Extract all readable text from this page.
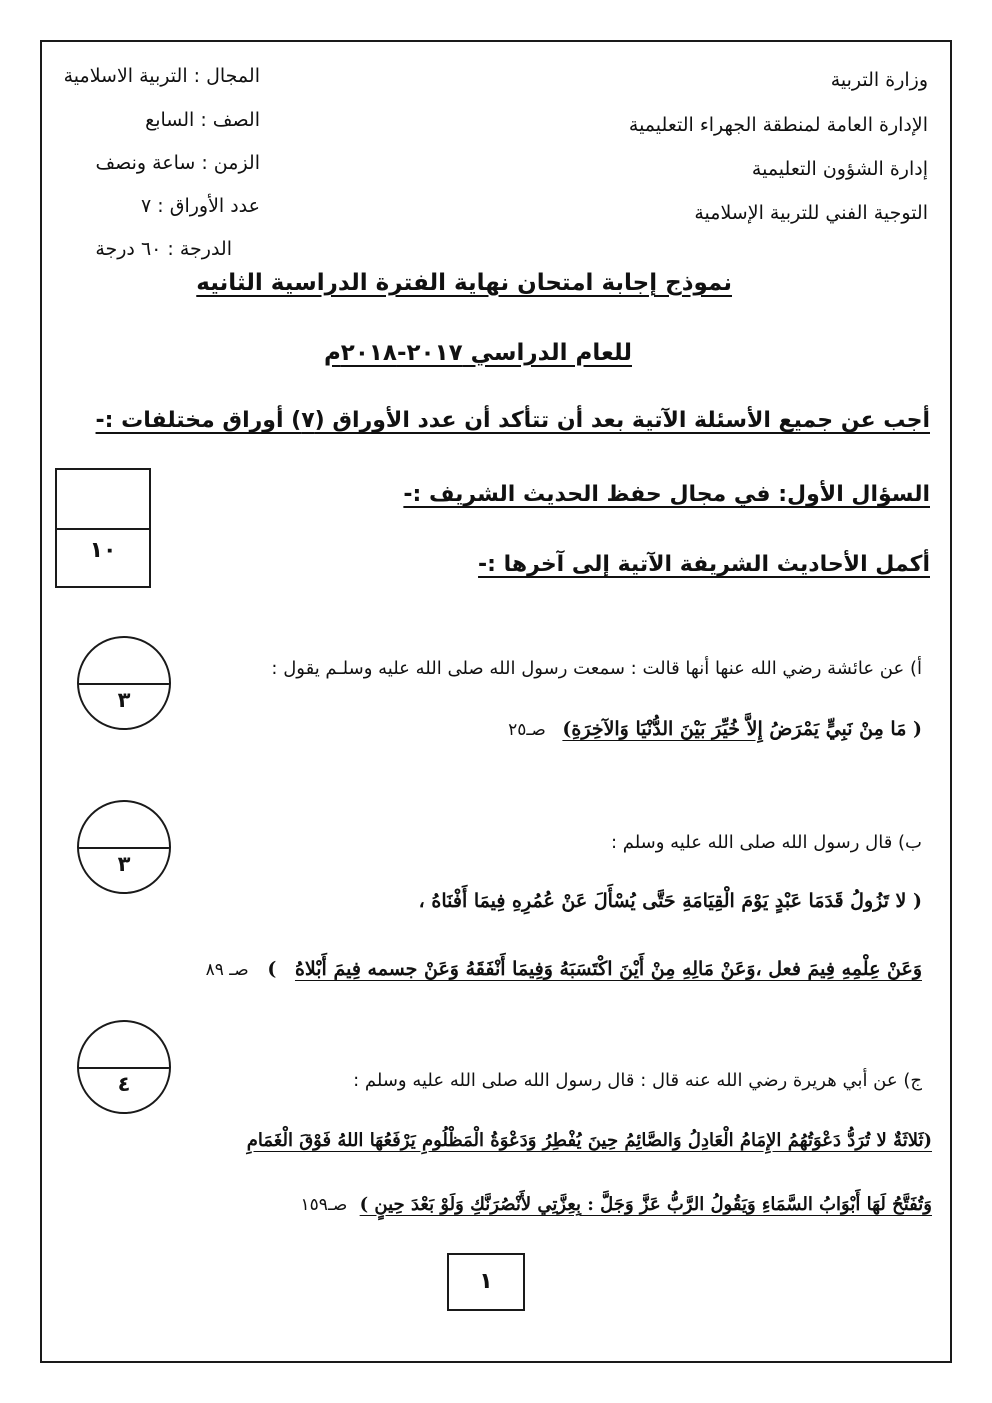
وزارة التربية
الإدارة العامة لمنطقة الجهراء التعليمية
إدارة الشؤون التعليمية
التوجية الفني للتربية الإسلامية
المجال : التربية الاسلامية
الصف : السابع
الزمن : ساعة ونصف
عدد الأوراق : ٧
الدرجة : ٦٠ درجة
نموذج إجابة امتحان نهاية الفترة الدراسية الثانيه
للعام الدراسي ٢٠١٧-٢٠١٨م
أجب عن جميع الأسئلة الآتية بعد أن تتأكد أن عدد الأوراق (٧) أوراق مختلفات :-
١٠
السؤال الأول: في مجال حفظ الحديث الشريف :-
أكمل الأحاديث الشريفة الآتية إلى آخرها :-
٣
٣
٤
أ) عن عائشة رضي الله عنها أنها قالت : سمعت رسول الله صلى الله عليه وسلـم يقول :
( مَا مِنْ نَبِيٍّ يَمْرَضُ إِلاَّ خُيِّرَ بَيْنَ الدُّنْيَا وَالآخِرَةِ) صـ٢٥
ب) قال رسول الله صلى الله عليه وسلم :
( لا تَزُولُ قَدَمَا عَبْدٍ يَوْمَ الْقِيَامَةِ حَتَّى يُسْأَلَ عَنْ عُمُرِهِ فِيمَا أَفْنَاهُ ،
وَعَنْ عِلْمِهِ فِيمَ فعل ،وَعَنْ مَالِهِ مِنْ أَيْنَ اكْتَسَبَهُ وَفِيمَا أَنْفَقَهُ وَعَنْ جسمه فِيمَ أَبْلاهُ ) صـ ٨٩
ج) عن أبي هريرة رضي الله عنه قال : قال رسول الله صلى الله عليه وسلم :
(ثَلاثَةٌ لا تُرَدُّ دَعْوَتُهُمُ الإِمَامُ الْعَادِلُ وَالصَّائِمُ حِينَ يُفْطِرُ وَدَعْوَةُ الْمَظْلُومِ يَرْفَعُهَا اللهُ فَوْقَ الْغَمَامِ
وَتُفَتَّحُ لَهَا أَبْوَابُ السَّمَاءِ وَيَقُولُ الرَّبُّ عَزَّ وَجَلَّ : بِعِزَّتِي لأَنْصُرَنَّكِ وَلَوْ بَعْدَ حِينٍ ) صـ١٥٩
١
